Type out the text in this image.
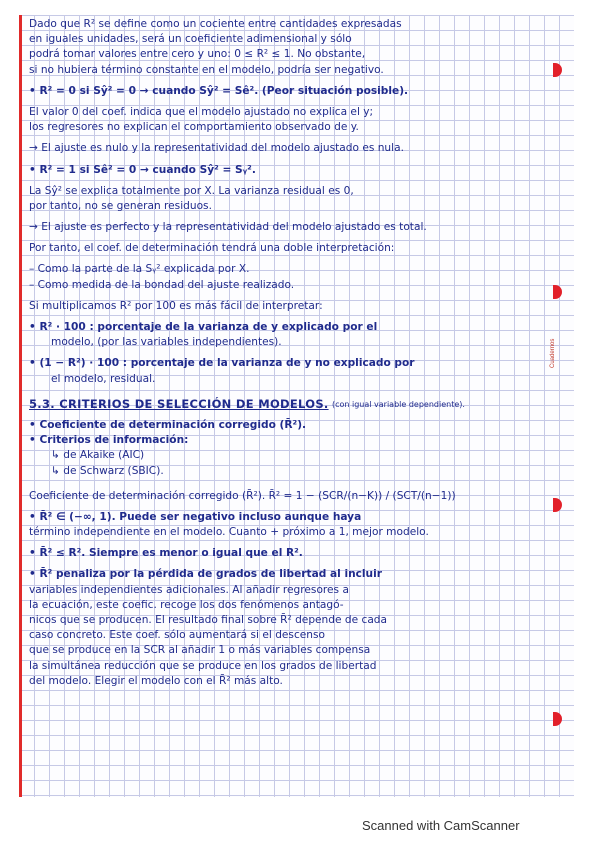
Cuadernos
Dado que R² se define como un cociente entre cantidades expresadas
en iguales unidades, será un coeficiente adimensional y sólo
podrá tomar valores entre cero y uno: 0 ≤ R² ≤ 1. No obstante,
si no hubiera término constante en el modelo, podría ser negativo.
• R² = 0 si Sŷ² = 0 → cuando Sŷ² = Sê². (Peor situación posible).
El valor 0 del coef. indica que el modelo ajustado no explica el y;
los regresores no explican el comportamiento observado de y.
→ El ajuste es nulo y la representatividad del modelo ajustado es nula.
• R² = 1 si Sê² = 0 → cuando Sŷ² = Sᵧ².
La Sŷ² se explica totalmente por X. La varianza residual es 0,
por tanto, no se generan residuos.
→ El ajuste es perfecto y la representatividad del modelo ajustado es total.
Por tanto, el coef. de determinación tendrá una doble interpretación:
– Como la parte de la Sᵧ² explicada por X.
– Como medida de la bondad del ajuste realizado.
Si multiplicamos R² por 100 es más fácil de interpretar:
• R² · 100 : porcentaje de la varianza de y explicado por el
modelo, (por las variables independientes).
• (1 − R²) · 100 : porcentaje de la varianza de y no explicado por
el modelo, residual.
5.3. CRITERIOS DE SELECCIÓN DE MODELOS. $^{(con igual variable dependiente).}$
• Coeficiente de determinación corregido (R̄²).
• Criterios de información:
↳ de Akaike (AIC)
↳ de Schwarz (SBIC).
Coeficiente de determinación corregido (R̄²). R̄² = 1 − (SCR/(n−K)) / (SCT/(n−1))
• R̄² ∈ (−∞, 1). Puede ser negativo incluso aunque haya
término independiente en el modelo. Cuanto + próximo a 1, mejor modelo.
• R̄² ≤ R². Siempre es menor o igual que el R².
• R̄² penaliza por la pérdida de grados de libertad al incluir
variables independientes adicionales. Al añadir regresores a
la ecuación, este coefic. recoge los dos fenómenos antagó-
nicos que se producen. El resultado final sobre R̄² depende de cada
caso concreto. Este coef. sólo aumentará si el descenso
que se produce en la SCR al añadir 1 o más variables compensa
la simultánea reducción que se produce en los grados de libertad
del modelo. Elegir el modelo con el R̄² más alto.
Scanned with CamScanner
